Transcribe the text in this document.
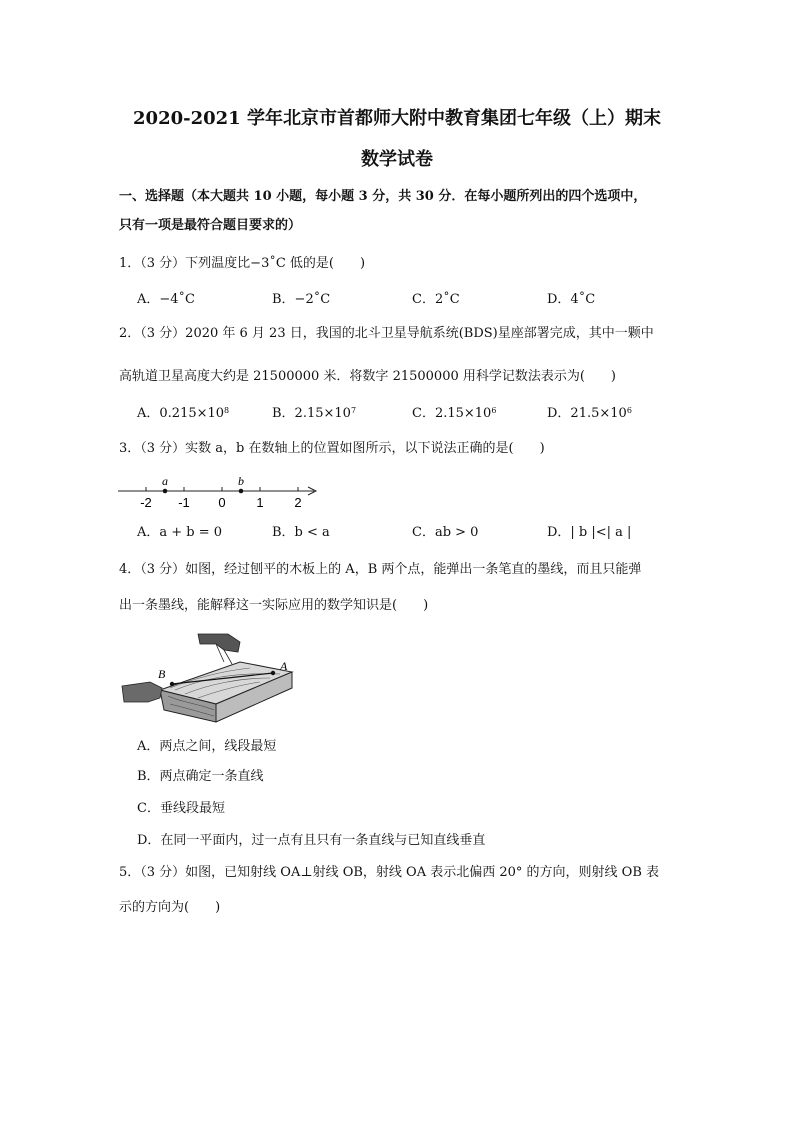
2020-2021 学年北京市首都师大附中教育集团七年级（上）期末
数学试卷
一、选择题（本大题共 10 小题，每小题 3 分，共 30 分．在每小题所列出的四个选项中，
只有一项是最符合题目要求的）
1．（3 分）下列温度比−3˚C 低的是(　　)
A．−4˚C	B．−2˚C	C．2˚C	D．4˚C
2．（3 分）2020 年 6 月 23 日，我国的北斗卫星导航系统(BDS)星座部署完成，其中一颗中
高轨道卫星高度大约是 21500000 米．将数字 21500000 用科学记数法表示为(　　)
A．$0.215\times 10^8$	B．$2.15\times 10^7$	C．$2.15\times 10^6$	D．$21.5\times 10^6$
3．（3 分）实数 a，b 在数轴上的位置如图所示，以下说法正确的是(　　)
-2 -1 0 1 2
a	b
A．a + b = 0	B．b < a	C．ab > 0	D．| b |<| a |
4．（3 分）如图，经过刨平的木板上的 A，B 两个点，能弹出一条笔直的墨线，而且只能弹
出一条墨线，能解释这一实际应用的数学知识是(　　)
B
A
A．两点之间，线段最短
B．两点确定一条直线
C．垂线段最短
D．在同一平面内，过一点有且只有一条直线与已知直线垂直
5．（3 分）如图，已知射线 OA⊥射线 OB，射线 OA 表示北偏西 20° 的方向，则射线 OB 表
示的方向为(　　)
